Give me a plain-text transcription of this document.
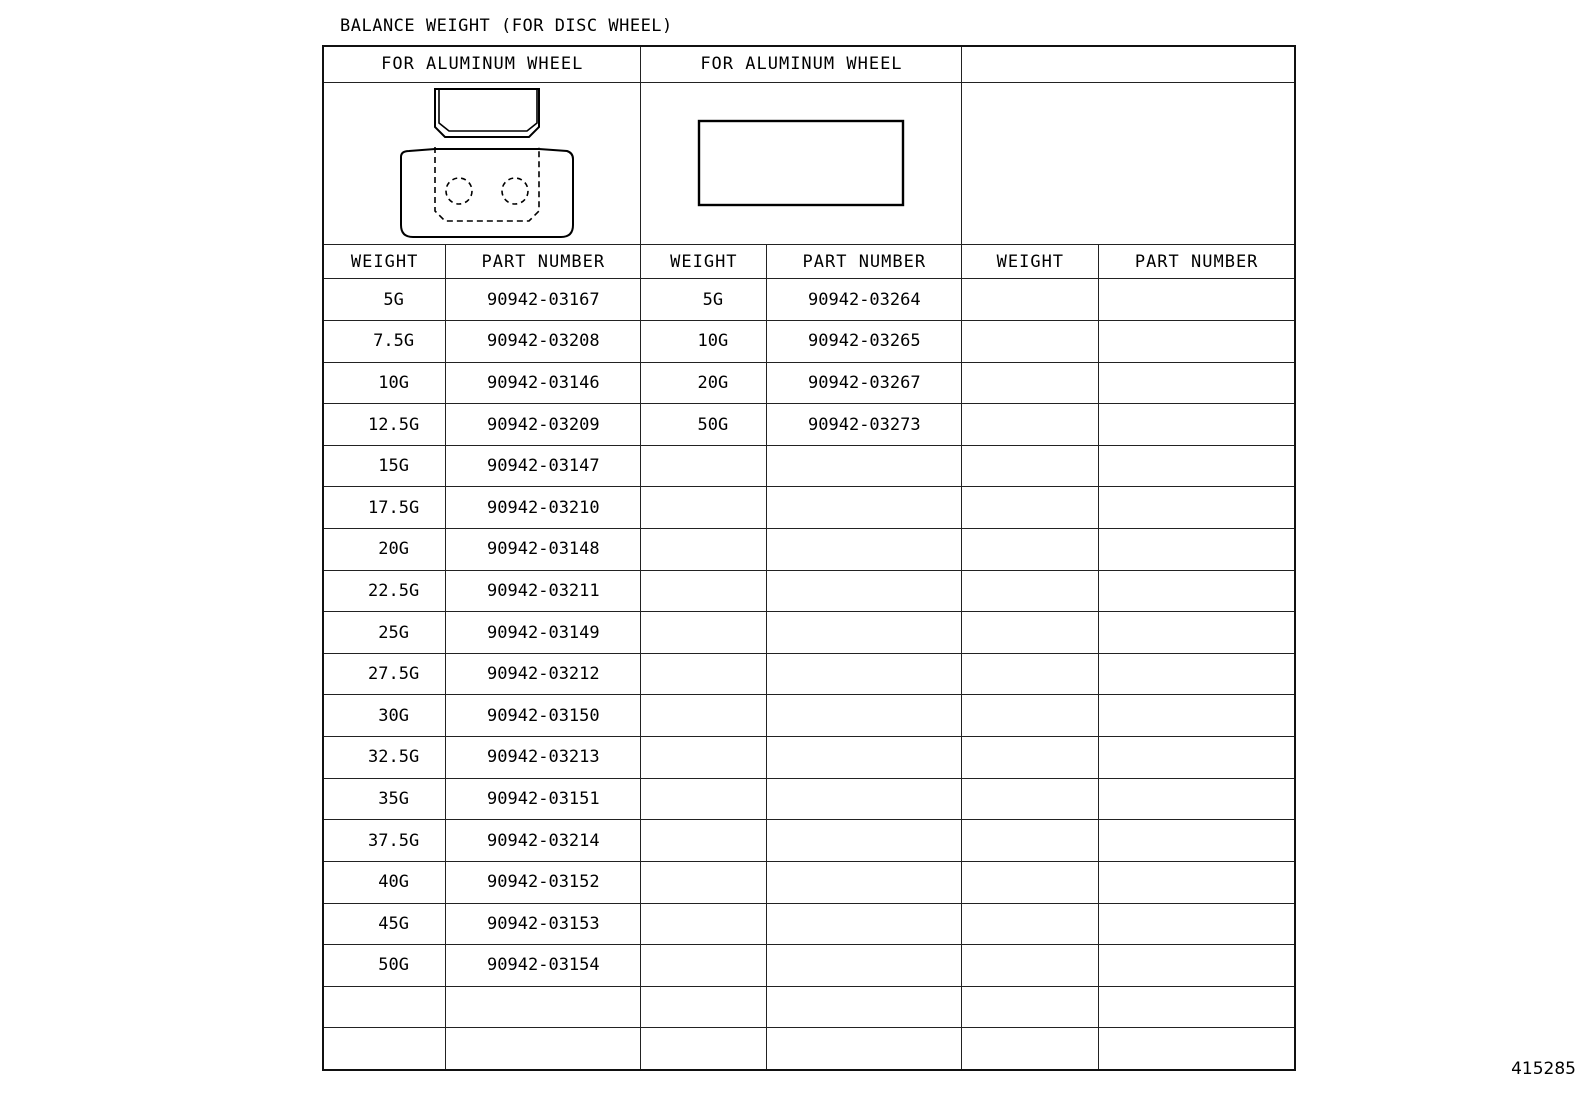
BALANCE WEIGHT (FOR DISC WHEEL)
FOR ALUMINUM WHEEL		FOR ALUMINUM WHEEL			

WEIGHT	PART NUMBER	WEIGHT	PART NUMBER	WEIGHT	PART NUMBER
5G	90942-03167	5G	90942-03264		
7.5G	90942-03208	10G	90942-03265		
10G	90942-03146	20G	90942-03267		
12.5G	90942-03209	50G	90942-03273		
15G	90942-03147				
17.5G	90942-03210				
20G	90942-03148				
22.5G	90942-03211				
25G	90942-03149				
27.5G	90942-03212				
30G	90942-03150				
32.5G	90942-03213				
35G	90942-03151				
37.5G	90942-03214				
40G	90942-03152				
45G	90942-03153				
50G	90942-03154				

415285
